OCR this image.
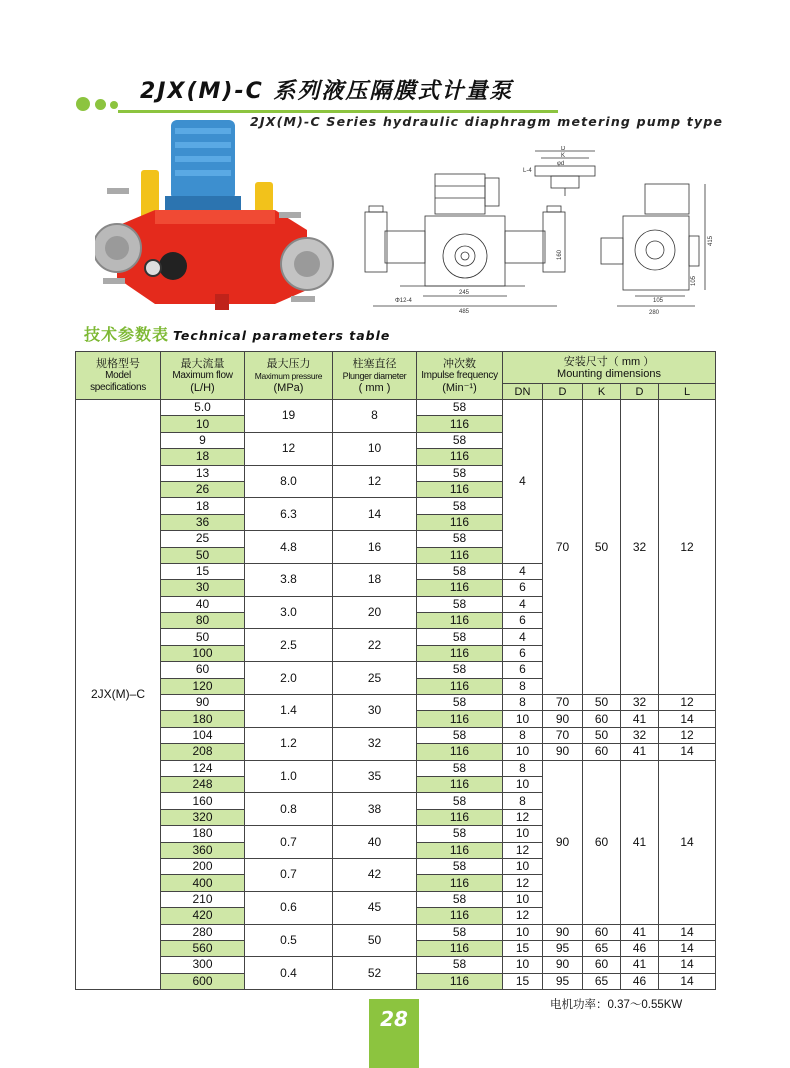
2JX(M)-C 系列液压隔膜式计量泵
2JX(M)-C Series hydraulic diaphragm metering pump type
Φ12-4
245
485
160
D
K
φd
L-4
415
105
105
280
技术参数表 Technical parameters table
规格型号
Model specifications	最大流量
Maximum flow
(L/H)	最大压力
Maximum pressure
(MPa)	柱塞直径
Plunger diameter
( mm )	冲次数
Impulse frequency
(Min⁻¹)	安装尺寸（ mm ）
Mounting dimensions				

					DN	D	K	D	L
2JX(M)–C	5.0	19	8	58	4	70	50	32	12
	10			116					
	9	12	10	58					
	18			116					
	13	8.0	12	58					
	26			116					
	18	6.3	14	58					
	36			116					
	25	4.8	16	58					
	50			116					
	15	3.8	18	58	4				
	30			116	6				
	40	3.0	20	58	4				
	80			116	6				
	50	2.5	22	58	4				
	100			116	6				
	60	2.0	25	58	6				
	120			116	8				
	90	1.4	30	58	8	70	50	32	12
	180			116	10	90	60	41	14
	104	1.2	32	58	8	70	50	32	12
	208			116	10	90	60	41	14
	124	1.0	35	58	8	90	60	41	14
	248			116	10				
	160	0.8	38	58	8				
	320			116	12				
	180	0.7	40	58	10				
	360			116	12				
	200	0.7	42	58	10				
	400			116	12				
	210	0.6	45	58	10				
	420			116	12				
	280	0.5	50	58	10	90	60	41	14
	560			116	15	95	65	46	14
	300	0.4	52	58	10	90	60	41	14
	600			116	15	95	65	46	14
电机功率：0.37～0.55KW
28
